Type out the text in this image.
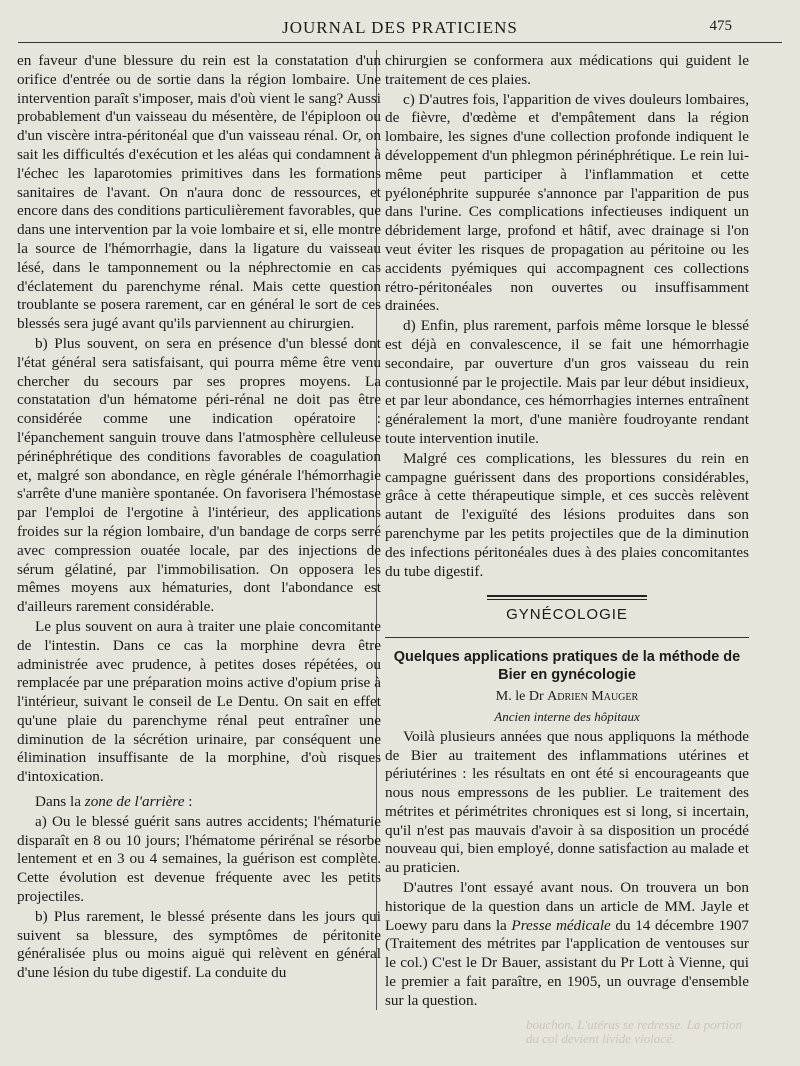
JOURNAL DES PRATICIENS	475

en faveur d'une blessure du rein est la constatation d'un orifice d'entrée ou de sortie dans la région lombaire. Une intervention paraît s'imposer, mais d'où vient le sang? Aussi probablement d'un vaisseau du mésentère, de l'épiploon ou d'un viscère intra-péritonéal que d'un vaisseau rénal. Or, on sait les difficultés d'exécution et les aléas qui condamnent à l'échec les laparotomies primitives dans les formations sanitaires de l'avant. On n'aura donc de ressources, et encore dans des conditions particulièrement favorables, que dans une intervention par la voie lombaire et si, elle montre la source de l'hémorrhagie, dans la ligature du vaisseau lésé, dans le tamponnement ou la néphrectomie en cas d'éclatement du parenchyme rénal. Mais cette question troublante se posera rarement, car en général le sort de ces blessés sera jugé avant qu'ils parviennent au chirurgien.

b) Plus souvent, on sera en présence d'un blessé dont l'état général sera satisfaisant, qui pourra même être venu chercher du secours par ses propres moyens. La constatation d'un hématome péri-rénal ne doit pas être considérée comme une indication opératoire : l'épanchement sanguin trouve dans l'atmosphère celluleuse périnéphrétique des conditions favorables de coagulation et, malgré son abondance, en règle générale l'hémorrhagie s'arrête d'une manière spontanée. On favorisera l'hémostase par l'emploi de l'ergotine à l'intérieur, des applications froides sur la région lombaire, d'un bandage de corps serré avec compression ouatée locale, par des injections de sérum gélatiné, par l'immobilisation. On opposera les mêmes moyens aux hématuries, dont l'abondance est d'ailleurs rarement considérable.

Le plus souvent on aura à traiter une plaie concomitante de l'intestin. Dans ce cas la morphine devra être administrée avec prudence, à petites doses répétées, ou remplacée par une préparation moins active d'opium prise à l'intérieur, suivant le conseil de Le Dentu. On sait en effet qu'une plaie du parenchyme rénal peut entraîner une diminution de la sécrétion urinaire, par conséquent une élimination insuffisante de la morphine, d'où risques d'intoxication.

Dans la zone de l'arrière :

a) Ou le blessé guérit sans autres accidents; l'hématurie disparaît en 8 ou 10 jours; l'hématome périrénal se résorbe lentement et en 3 ou 4 semaines, la guérison est complète. Cette évolution est devenue fréquente avec les petits projectiles.

b) Plus rarement, le blessé présente dans les jours qui suivent sa blessure, des symptômes de péritonite généralisée plus ou moins aiguë qui relèvent en général d'une lésion du tube digestif. La conduite du

chirurgien se conformera aux médications qui guident le traitement de ces plaies.

c) D'autres fois, l'apparition de vives douleurs lombaires, de fièvre, d'œdème et d'empâtement dans la région lombaire, les signes d'une collection profonde indiquent le développement d'un phlegmon périnéphrétique. Le rein lui-même peut participer à l'inflammation et cette pyélonéphrite suppurée s'annonce par l'apparition de pus dans l'urine. Ces complications infectieuses indiquent un débridement large, profond et hâtif, avec drainage si l'on veut éviter les risques de propagation au péritoine ou les accidents pyémiques qui accompagnent ces collections rétro-péritonéales non ouvertes ou insuffisamment drainées.

d) Enfin, plus rarement, parfois même lorsque le blessé est déjà en convalescence, il se fait une hémorrhagie secondaire, par ouverture d'un gros vaisseau du rein contusionné par le projectile. Mais par leur début insidieux, et par leur abondance, ces hémorrhagies internes entraînent généralement la mort, d'une manière foudroyante rendant toute intervention inutile.

Malgré ces complications, les blessures du rein en campagne guérissent dans des proportions considérables, grâce à cette thérapeutique simple, et ces succès relèvent autant de l'exiguïté des lésions produites dans son parenchyme par les petits projectiles que de la diminution des infections péritonéales dues à des plaies concomitantes du tube digestif.

GYNÉCOLOGIE
Quelques applications pratiques de la méthode de Bier en gynécologie

M. le Dr Adrien Mauger

Ancien interne des hôpitaux

Voilà plusieurs années que nous appliquons la méthode de Bier au traitement des inflammations utérines et périutérines : les résultats en ont été si encourageants que nous nous empressons de les publier. Le traitement des métrites et périmétrites chroniques est si long, si incertain, qu'il n'est pas mauvais d'avoir à sa disposition un procédé nouveau qui, bien employé, donne satisfaction au malade et au praticien.

D'autres l'ont essayé avant nous. On trouvera un bon historique de la question dans un article de MM. Jayle et Loewy paru dans la Presse médicale du 14 décembre 1907 (Traitement des métrites par l'application de ventouses sur le col.) C'est le Dr Bauer, assistant du Pr Lott à Vienne, qui le premier a fait paraître, en 1905, un ouvrage d'ensemble sur la question.

bouchon. L'utérus se redresse. La portion
du col devient livide violacé.
